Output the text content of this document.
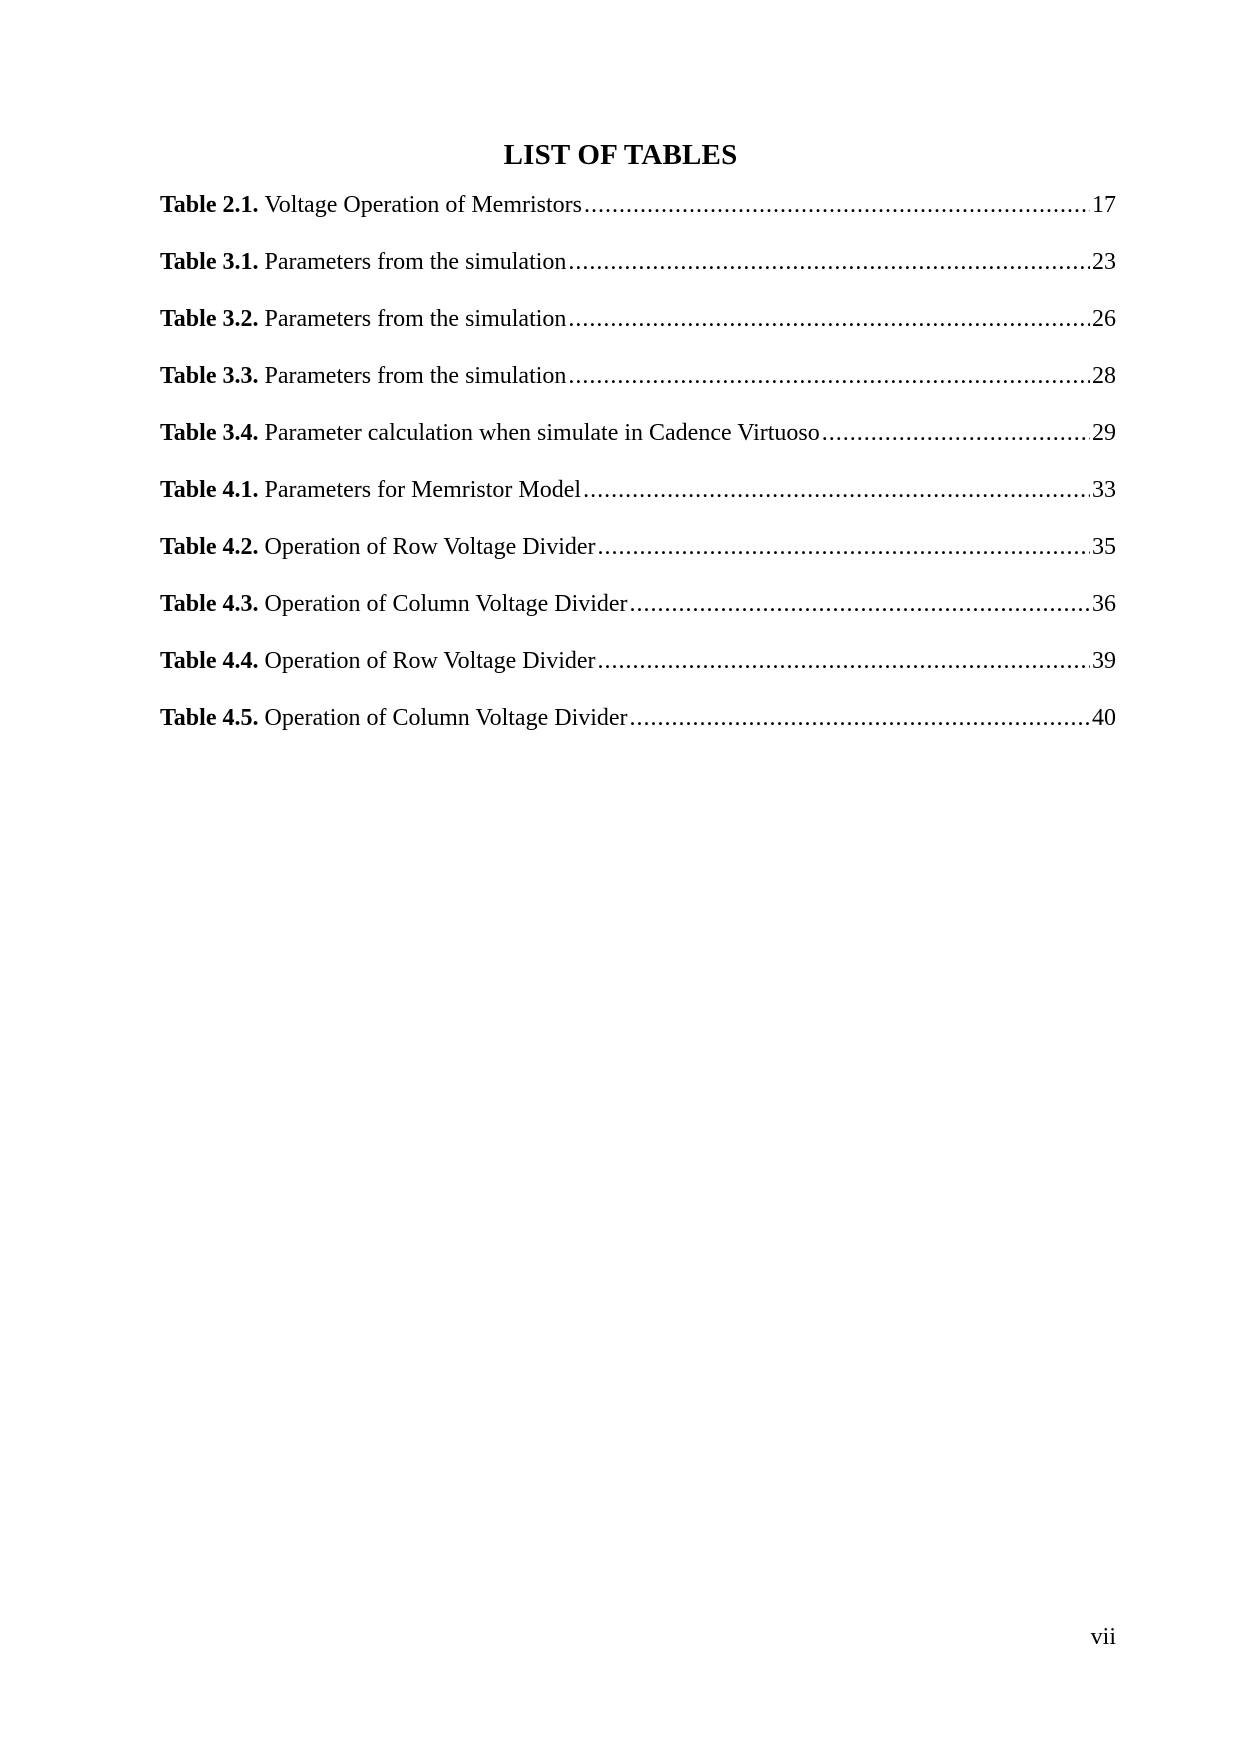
LIST OF TABLES
Table 2.1. Voltage Operation of Memristors .....	17
Table 3.1. Parameters from the simulation .....	23
Table 3.2. Parameters from the simulation .....	26
Table 3.3. Parameters from the simulation .....	28
Table 3.4. Parameter calculation when simulate in Cadence Virtuoso .....	29
Table 4.1. Parameters for Memristor Model .....	33
Table 4.2. Operation of Row Voltage Divider .....	35
Table 4.3. Operation of Column Voltage Divider .....	36
Table 4.4. Operation of Row Voltage Divider .....	39
Table 4.5. Operation of Column Voltage Divider .....	40
vii
